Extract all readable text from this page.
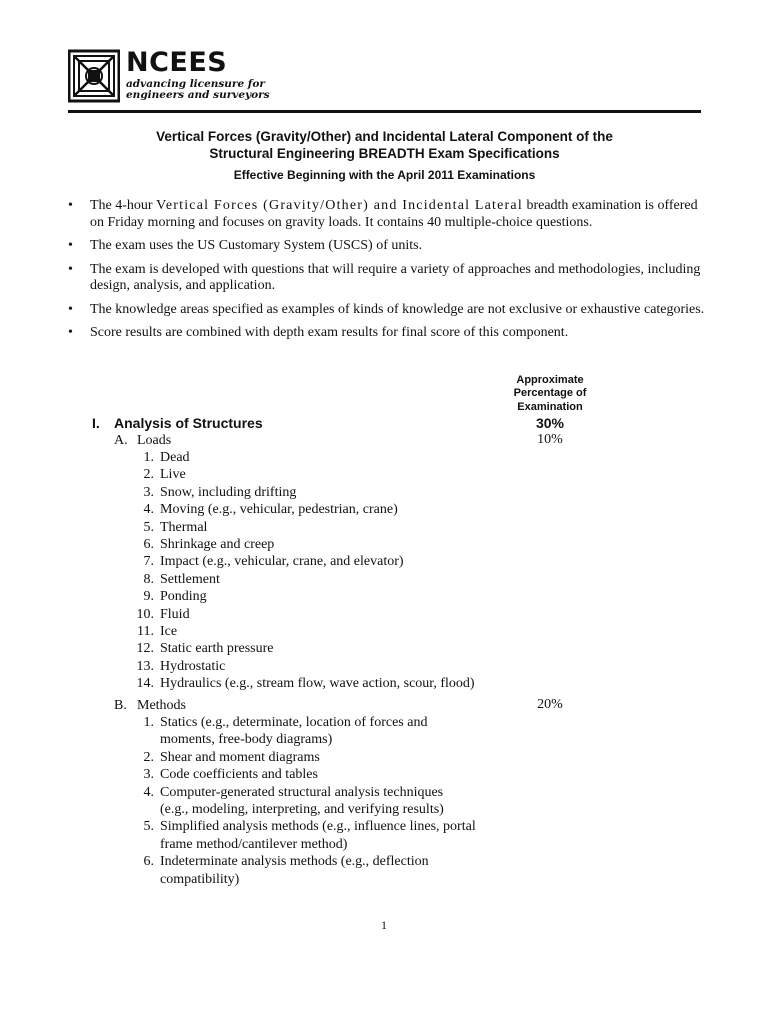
NCEES
advancing licensure for
engineers and surveyors
Vertical Forces (Gravity/Other) and Incidental Lateral Component of the
Structural Engineering BREADTH Exam Specifications
Effective Beginning with the April 2011 Examinations
• The 4-hour Vertical Forces (Gravity/Other) and Incidental Lateral breadth examination is offered on Friday morning and focuses on gravity loads. It contains 40 multiple-choice questions.
• The exam uses the US Customary System (USCS) of units.
• The exam is developed with questions that will require a variety of approaches and methodologies, including design, analysis, and application.
• The knowledge areas specified as examples of kinds of knowledge are not exclusive or exhaustive categories.
• Score results are combined with depth exam results for final score of this component.
Approximate
Percentage of
Examination
I. Analysis of Structures	30%
A. Loads	10%
1. Dead
2. Live
3. Snow, including drifting
4. Moving (e.g., vehicular, pedestrian, crane)
5. Thermal
6. Shrinkage and creep
7. Impact (e.g., vehicular, crane, and elevator)
8. Settlement
9. Ponding
10. Fluid
11. Ice
12. Static earth pressure
13. Hydrostatic
14. Hydraulics (e.g., stream flow, wave action, scour, flood)
B. Methods	20%
1. Statics (e.g., determinate, location of forces and
moments, free-body diagrams)
2. Shear and moment diagrams
3. Code coefficients and tables
4. Computer-generated structural analysis techniques
(e.g., modeling, interpreting, and verifying results)
5. Simplified analysis methods (e.g., influence lines, portal
frame method/cantilever method)
6. Indeterminate analysis methods (e.g., deflection
compatibility)
1
